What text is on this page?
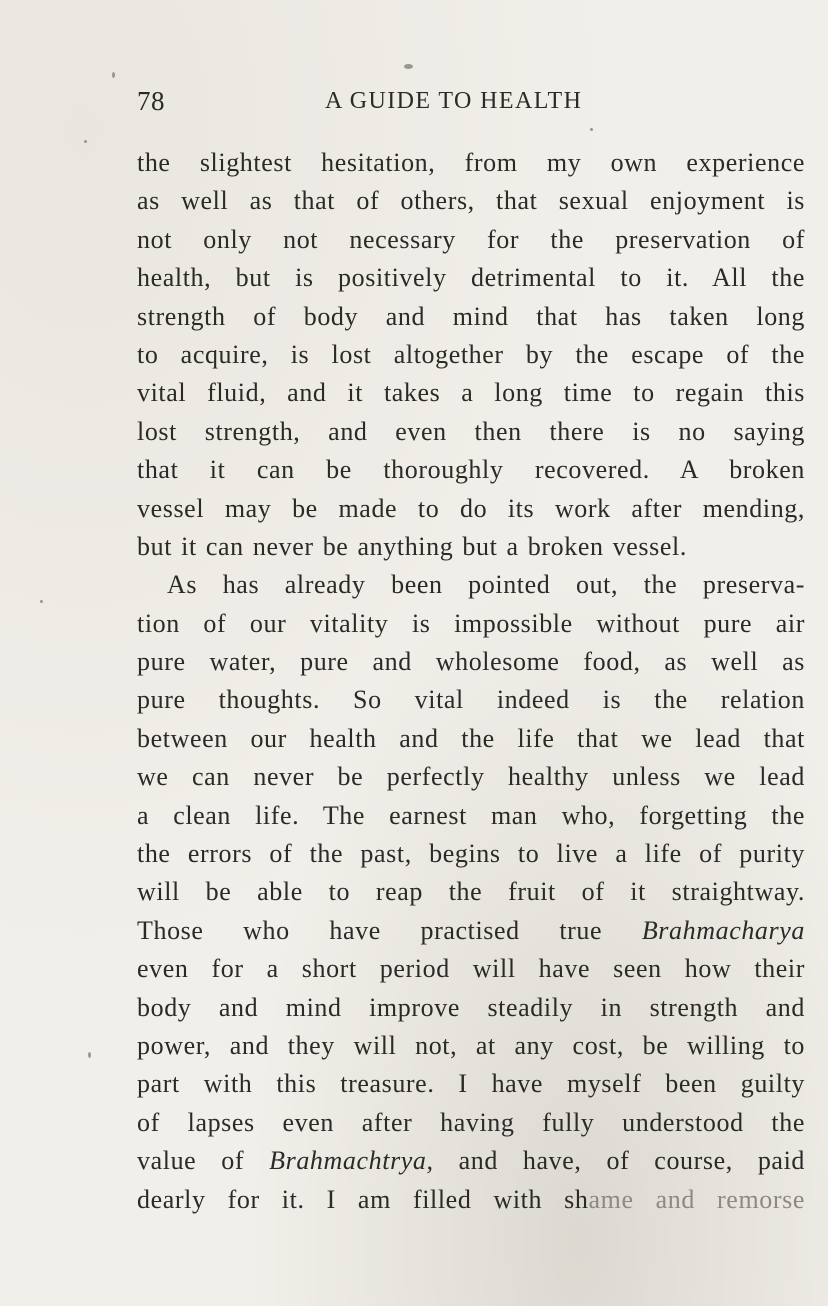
78	A GUIDE TO HEALTH
the slightest hesitation, from my own experience
as well as that of others, that sexual enjoyment is
not only not necessary for the preservation of
health, but is positively detrimental to it. All the
strength of body and mind that has taken long
to acquire, is lost altogether by the escape of the
vital fluid, and it takes a long time to regain this
lost strength, and even then there is no saying
that it can be thoroughly recovered. A broken
vessel may be made to do its work after mending,
but it can never be anything but a broken vessel.
As has already been pointed out, the preserva-
tion of our vitality is impossible without pure air
pure water, pure and wholesome food, as well as
pure thoughts. So vital indeed is the relation
between our health and the life that we lead that
we can never be perfectly healthy unless we lead
a clean life. The earnest man who, forgetting the
the errors of the past, begins to live a life of purity
will be able to reap the fruit of it straightway.
Those who have practised true Brahmacharya
even for a short period will have seen how their
body and mind improve steadily in strength and
power, and they will not, at any cost, be willing to
part with this treasure. I have myself been guilty
of lapses even after having fully understood the
value of Brahmachtrya, and have, of course, paid
dearly for it. I am filled with shame and remorse
